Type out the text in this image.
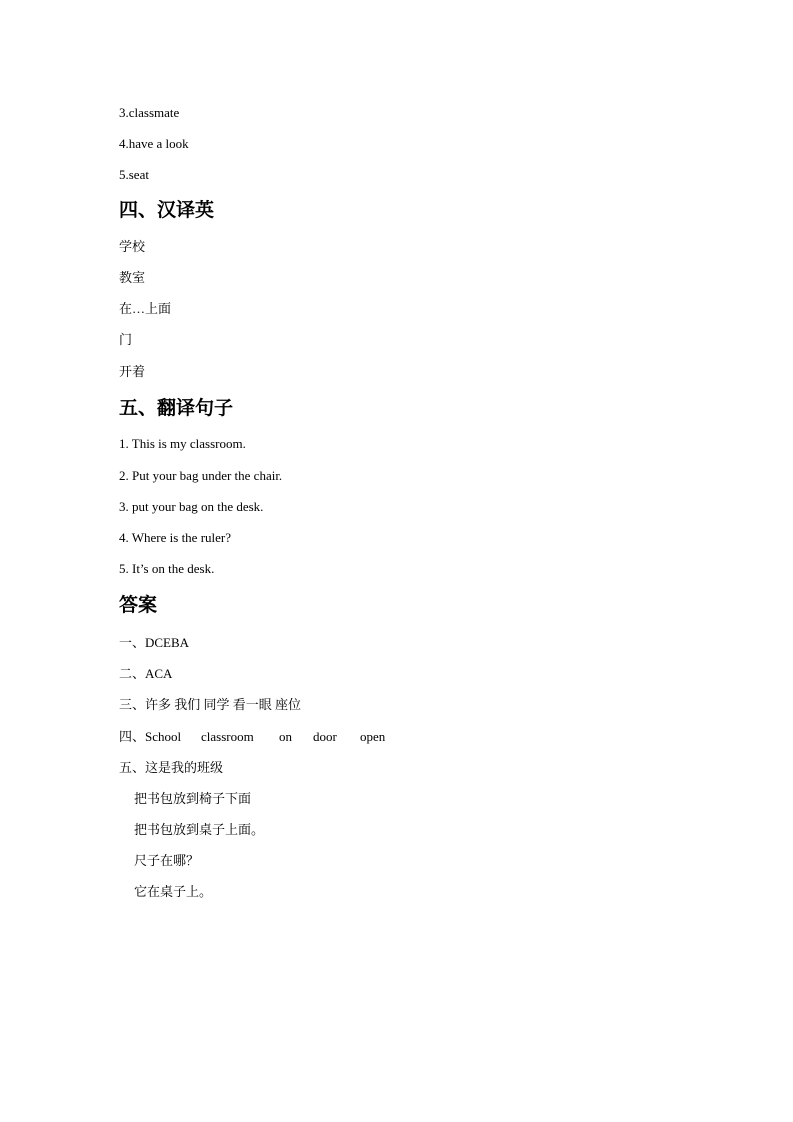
3.classmate

4.have a look

5.seat

四、汉译英

学校

教室

在…上面

门

开着

五、翻译句子

1. This is my classroom.

2. Put your bag under the chair.

3. put your bag on the desk.

4. Where is the ruler?

5. It’s on the desk.

答案

一、DCEBA

二、ACA

三、许多 我们 同学 看一眼 座位

四、School classroom on door open

五、这是我的班级

把书包放到椅子下面

把书包放到桌子上面。

尺子在哪？

它在桌子上。
